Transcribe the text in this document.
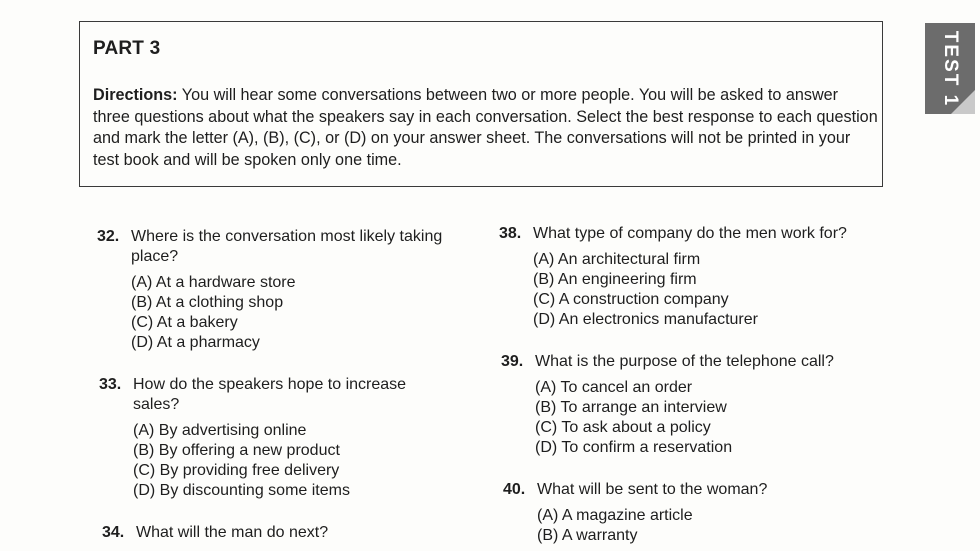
PART 3
Directions: You will hear some conversations between two or more people. You will be asked to answer three questions about what the speakers say in each conversation. Select the best response to each question and mark the letter (A), (B), (C), or (D) on your answer sheet. The conversations will not be printed in your test book and will be spoken only one time.
TEST 1
32. Where is the conversation most likely taking place?
(A) At a hardware store
(B) At a clothing shop
(C) At a bakery
(D) At a pharmacy
33. How do the speakers hope to increase sales?
(A) By advertising online
(B) By offering a new product
(C) By providing free delivery
(D) By discounting some items
34. What will the man do next?
38. What type of company do the men work for?
(A) An architectural firm
(B) An engineering firm
(C) A construction company
(D) An electronics manufacturer
39. What is the purpose of the telephone call?
(A) To cancel an order
(B) To arrange an interview
(C) To ask about a policy
(D) To confirm a reservation
40. What will be sent to the woman?
(A) A magazine article
(B) A warranty
